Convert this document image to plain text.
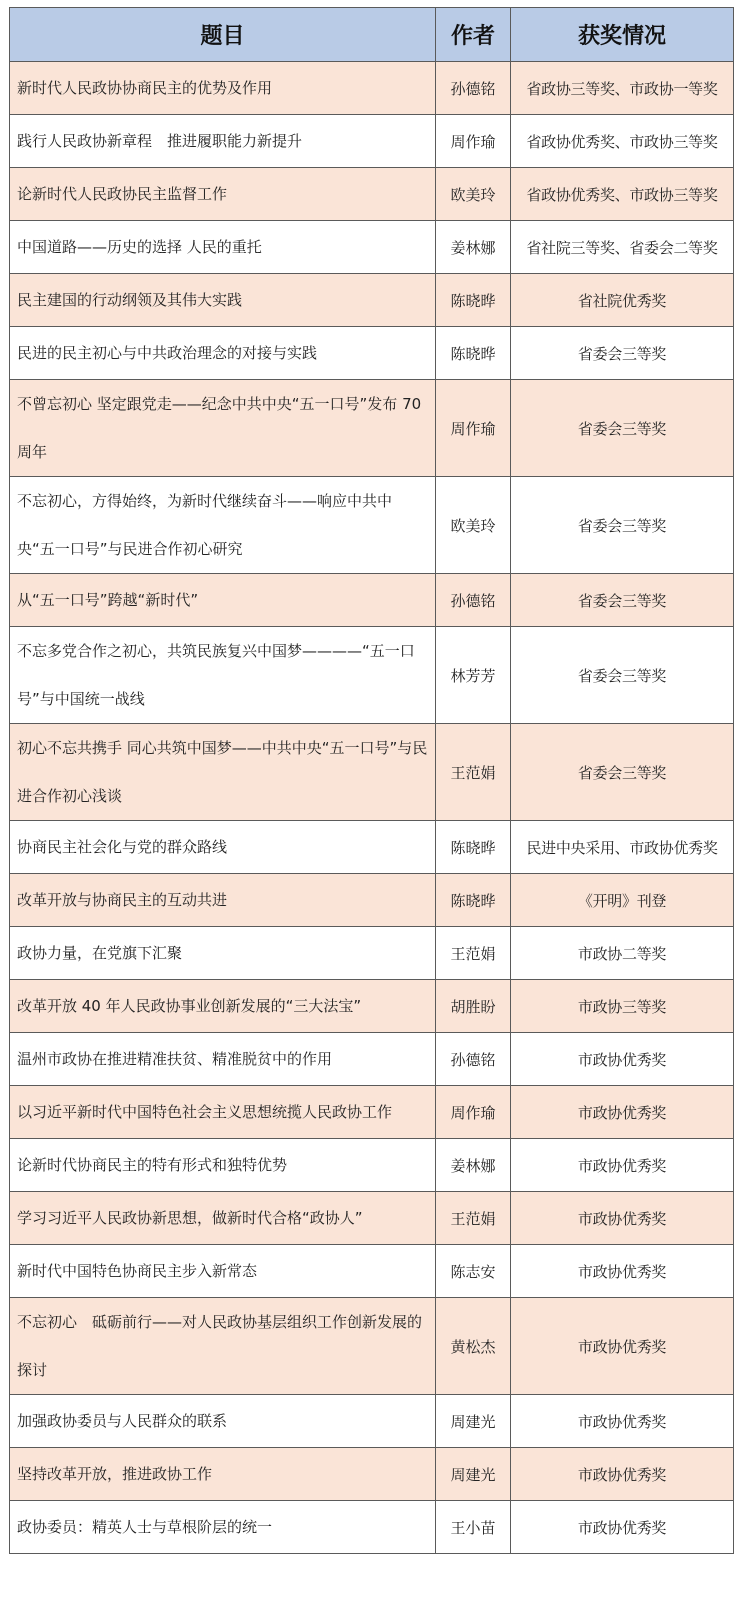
题目	作者	获奖情况
新时代人民政协协商民主的优势及作用	孙德铭	省政协三等奖、市政协一等奖
践行人民政协新章程　推进履职能力新提升	周作瑜	省政协优秀奖、市政协三等奖
论新时代人民政协民主监督工作	欧美玲	省政协优秀奖、市政协三等奖
中国道路——历史的选择 人民的重托	姜林娜	省社院三等奖、省委会二等奖
民主建国的行动纲领及其伟大实践	陈晓晔	省社院优秀奖
民进的民主初心与中共政治理念的对接与实践	陈晓晔	省委会三等奖
不曾忘初心 坚定跟党走——纪念中共中央“五一口号”发布 70 周年	周作瑜	省委会三等奖
不忘初心，方得始终，为新时代继续奋斗——响应中共中央“五一口号”与民进合作初心研究	欧美玲	省委会三等奖
从“五一口号”跨越“新时代”	孙德铭	省委会三等奖
不忘多党合作之初心，共筑民族复兴中国梦————“五一口号”与中国统一战线	林芳芳	省委会三等奖
初心不忘共携手 同心共筑中国梦——中共中央“五一口号”与民进合作初心浅谈	王范娟	省委会三等奖
协商民主社会化与党的群众路线	陈晓晔	民进中央采用、市政协优秀奖
改革开放与协商民主的互动共进	陈晓晔	《开明》刊登
政协力量，在党旗下汇聚	王范娟	市政协二等奖
改革开放 40 年人民政协事业创新发展的“三大法宝”	胡胜盼	市政协三等奖
温州市政协在推进精准扶贫、精准脱贫中的作用	孙德铭	市政协优秀奖
以习近平新时代中国特色社会主义思想统揽人民政协工作	周作瑜	市政协优秀奖
论新时代协商民主的特有形式和独特优势	姜林娜	市政协优秀奖
学习习近平人民政协新思想，做新时代合格“政协人”	王范娟	市政协优秀奖
新时代中国特色协商民主步入新常态	陈志安	市政协优秀奖
不忘初心　砥砺前行——对人民政协基层组织工作创新发展的探讨	黄松杰	市政协优秀奖
加强政协委员与人民群众的联系	周建光	市政协优秀奖
坚持改革开放，推进政协工作	周建光	市政协优秀奖
政协委员：精英人士与草根阶层的统一	王小苗	市政协优秀奖
